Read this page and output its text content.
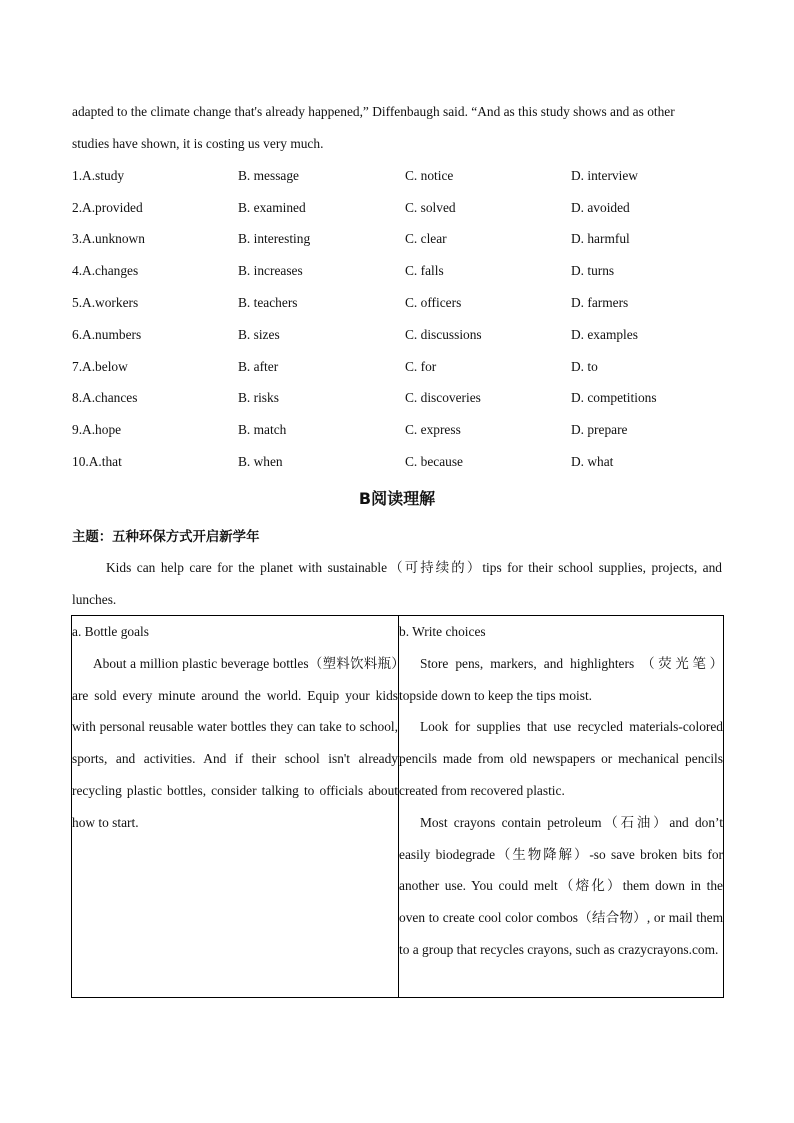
adapted to the climate change that's already happened,” Diffenbaugh said. “And as this study shows and as other
studies have shown, it is costing us very much.
1.A.study	B. message	C. notice	D. interview
2.A.provided	B. examined	C. solved	D. avoided
3.A.unknown	B. interesting	C. clear	D. harmful
4.A.changes	B. increases	C. falls	D. turns
5.A.workers	B. teachers	C. officers	D. farmers
6.A.numbers	B. sizes	C. discussions	D. examples
7.A.below	B. after	C. for	D. to
8.A.chances	B. risks	C. discoveries	D. competitions
9.A.hope	B. match	C. express	D. prepare
10.A.that	B. when	C. because	D. what
B阅读理解
主题：五种环保方式开启新学年
Kids can help care for the planet with sustainable（可持续的）tips for their school supplies, projects, and lunches.
a. Bottle goals
About a million plastic beverage bottles（塑料饮料瓶）are sold every minute around the world. Equip your kids with personal reusable water bottles they can take to school, sports, and activities. And if their school isn't already recycling plastic bottles, consider talking to officials about how to start.

b. Write choices
Store pens, markers, and highlighters （荧光笔） topside down to keep the tips moist.
Look for supplies that use recycled materials-colored pencils made from old newspapers or mechanical pencils created from recovered plastic.
Most crayons contain petroleum（石油）and don’t easily biodegrade（生物降解）-so save broken bits for another use. You could melt（熔化）them down in the oven to create cool color combos（结合物）, or mail them to a group that recycles crayons, such as crazycrayons.com.
